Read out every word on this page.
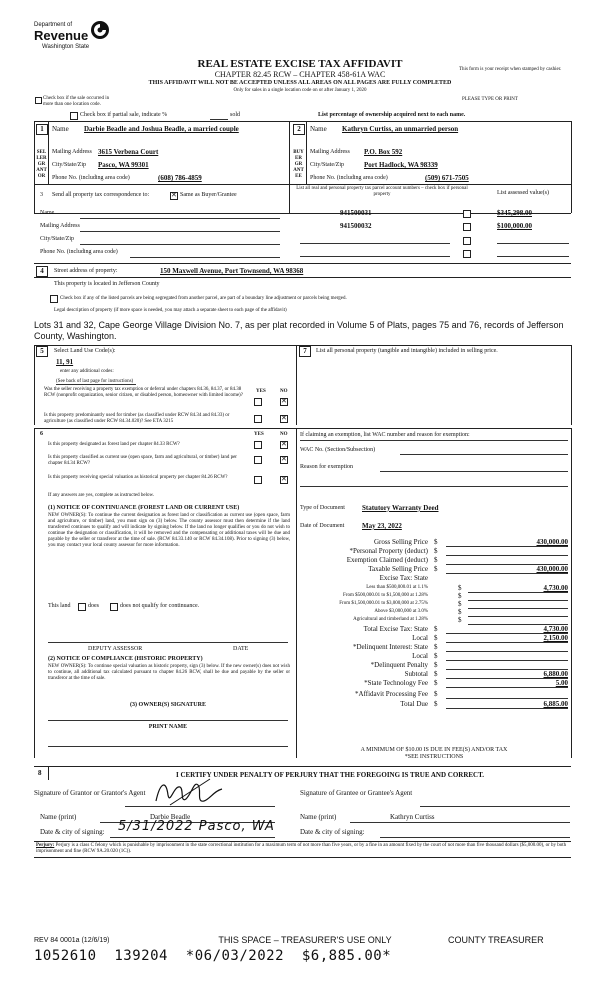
Department of
Revenue
Washington State
REAL ESTATE EXCISE TAX AFFIDAVIT
CHAPTER 82.45 RCW – CHAPTER 458-61A WAC
THIS AFFIDAVIT WILL NOT BE ACCEPTED UNLESS ALL AREAS ON ALL PAGES ARE FULLY COMPLETED
Only for sales in a single location code on or after January 1, 2020
This form is your receipt when stamped by cashier.
PLEASE TYPE OR PRINT
Check box if the sale occurred in more than one location code.
Check box if partial sale, indicate %	sold	List percentage of ownership acquired next to each name.
1
SELLER GRANTOR
Name Darbie Beadle and Joshua Beadle, a married couple
Mailing Address 3615 Verbena Court
City/State/Zip Pasco, WA 99301
Phone No. (including area code)	(608) 786-4859
2
BUYER GRANTEE
Name Kathryn Curtiss, an unmarried person
Mailing Address P.O. Box 592
City/State/Zip	Port Hadlock, WA 98339
Phone No. (including area code)	(509) 671-7505
3 Send all property tax correspondence to:
✕	Same as Buyer/Grantee
Name
Mailing Address
City/State/Zip
Phone No. (including area code)
List all real and personal property tax parcel account numbers – check box if personal property	List assessed value(s)
941500031	$345,298.00
941500032	$100,000.00
4	Street address of property:	150 Maxwell Avenue, Port Townsend, WA 98368
This property is located in Jefferson County
Check box if any of the listed parcels are being segregated from another parcel, are part of a boundary line adjustment or parcels being merged.
Legal description of property (if more space is needed, you may attach a separate sheet to each page of the affidavit)
Lots 31 and 32, Cape George Village Division No. 7, as per plat recorded in Volume 5 of Plats, pages 75 and 76, records of Jefferson County, Washington.
5	Select Land Use Code(s):
11, 91
enter any additional codes:
(See back of last page for instructions)
YES	NO
Was the seller receiving a property tax exemption or deferral under chapters 84.36, 84.37, or 84.38 RCW (nonprofit organization, senior citizen, or disabled person, homeowner with limited income)?
✕
Is this property predominantly used for timber (as classified under RCW 84.34 and 84.33) or agriculture (as classified under RCW 84.34.020)? See ETA 3215
✕
7	List all personal property (tangible and intangible) included in selling price.
6	YES	NO
Is this property designated as forest land per chapter 84.33 RCW?
✕
Is this property classified as current use (open space, farm and agricultural, or timber) land per chapter 84.34 RCW?
✕
Is this property receiving special valuation as historical property per chapter 84.26 RCW?
✕
If any answers are yes, complete as instructed below.
(1) NOTICE OF CONTINUANCE (FOREST LAND OR CURRENT USE)
NEW OWNER(S): To continue the current designation as forest land or classification as current use (open space, farm and agriculture, or timber) land, you must sign on (3) below. The county assessor must then determine if the land transferred continues to qualify and will indicate by signing below. If the land no longer qualifies or you do not wish to continue the designation or classification, it will be removed and the compensating or additional taxes will be due and payable by the seller or transferor at the time of sale. (RCW 84.33.140 or RCW 84.34.108). Prior to signing (3) below, you may contact your local county assessor for more information.
This land	does	does not qualify for continuance.
DEPUTY ASSESSOR	DATE
(2) NOTICE OF COMPLIANCE (HISTORIC PROPERTY)
NEW OWNER(S): To continue special valuation as historic property, sign (3) below. If the new owner(s) does not wish to continue, all additional tax calculated pursuant to chapter 84.26 RCW, shall be due and payable by the seller or transferor at the time of sale.
(3) OWNER(S) SIGNATURE
PRINT NAME
If claiming an exemption, list WAC number and reason for exemption:
WAC No. (Section/Subsection)
Reason for exemption
Type of Document Statutory Warranty Deed
Date of Document	May 23, 2022
Gross Selling Price $	430,000.00
*Personal Property (deduct) $
Exemption Claimed (deduct) $
Taxable Selling Price $	430,000.00
Excise Tax: State
Less than $500,000.01 at 1.1%	$	4,730.00
From $500,000.01 to $1,500,000 at 1.28%	$
From $1,500,000.01 to $3,000,000 at 2.75%	$
Above $3,000,000 at 3.0%	$
Agricultural and timberland at 1.28%	$
Total Excise Tax: State $	4,730.00
Local $	2,150.00
*Delinquent Interest: State $
Local $
*Delinquent Penalty $
Subtotal $	6,880.00
*State Technology Fee $	5.00
*Affidavit Processing Fee $
Total Due $	6,885.00
A MINIMUM OF $10.00 IS DUE IN FEE(S) AND/OR TAX
*SEE INSTRUCTIONS
8	I CERTIFY UNDER PENALTY OF PERJURY THAT THE FOREGOING IS TRUE AND CORRECT.
Signature of Grantor or Grantor's Agent	Signature of Grantee or Grantee's Agent
Name (print)	Darbie Beadle	Name (print)	Kathryn Curtiss
Date & city of signing: 5/31/2022 Pasco, WA	Date & city of signing:
Perjury: Perjury is a class C felony which is punishable by imprisonment in the state correctional institution for a maximum term of not more than five years, or by a fine in an amount fixed by the court of not more than five thousand dollars ($5,000.00), or by both imprisonment and fine (RCW 9A.20.020 (1C)).
REV 84 0001a (12/6/19)	THIS SPACE – TREASURER'S USE ONLY	COUNTY TREASURER
1052610  139204  *06/03/2022  $6,885.00*
